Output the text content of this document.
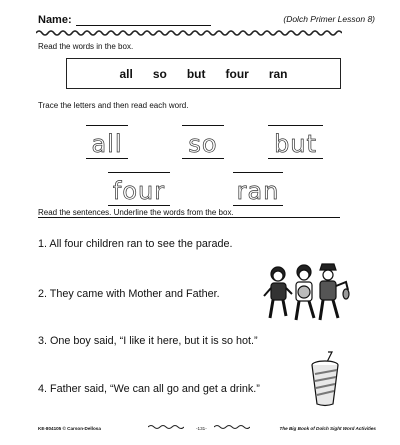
Name:	(Dolch Primer Lesson 8)
Read the words in the box.
all so but four ran
Trace the letters and then read each word.
all	so but
four	ran
Read the sentences. Underline the words from the box.
1. All four children ran to see the parade.
2. They came with Mother and Father.
3. One boy said, “I like it here, but it is so hot.”
4. Father said, “We can all go and get a drink.”
KE-804105 © Carson-Dellosa	-131-	The Big Book of Dolch Sight Word Activities
